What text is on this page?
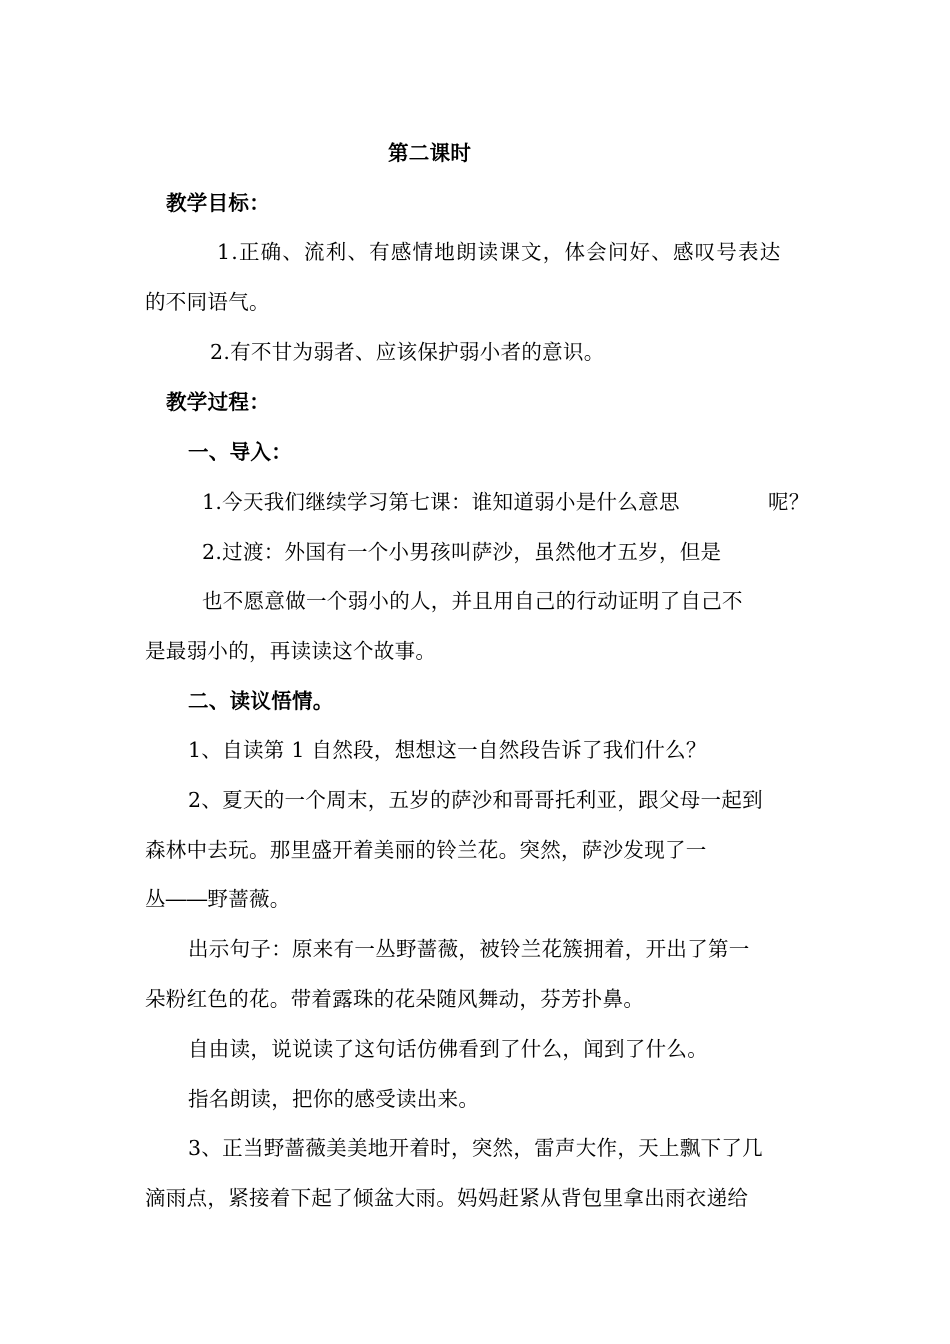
第二课时
教学目标：
1.正确、流利、有感情地朗读课文，体会问好、感叹号表达
的不同语气。
2.有不甘为弱者、应该保护弱小者的意识。
教学过程：
一、导入：
1.今天我们继续学习第七课：谁知道弱小是什么意思	呢？
2.过渡：外国有一个小男孩叫萨沙，虽然他才五岁，但是
也不愿意做一个弱小的人，并且用自己的行动证明了自己不
是最弱小的，再读读这个故事。
二、读议悟情。
1、自读第 1 自然段，想想这一自然段告诉了我们什么？
2、夏天的一个周末，五岁的萨沙和哥哥托利亚，跟父母一起到
森林中去玩。那里盛开着美丽的铃兰花。突然，萨沙发现了一
丛――野蔷薇。
出示句子：原来有一丛野蔷薇，被铃兰花簇拥着，开出了第一
朵粉红色的花。带着露珠的花朵随风舞动，芬芳扑鼻。
自由读，说说读了这句话仿佛看到了什么，闻到了什么。
指名朗读，把你的感受读出来。
3、正当野蔷薇美美地开着时，突然，雷声大作，天上飘下了几
滴雨点，紧接着下起了倾盆大雨。妈妈赶紧从背包里拿出雨衣递给
